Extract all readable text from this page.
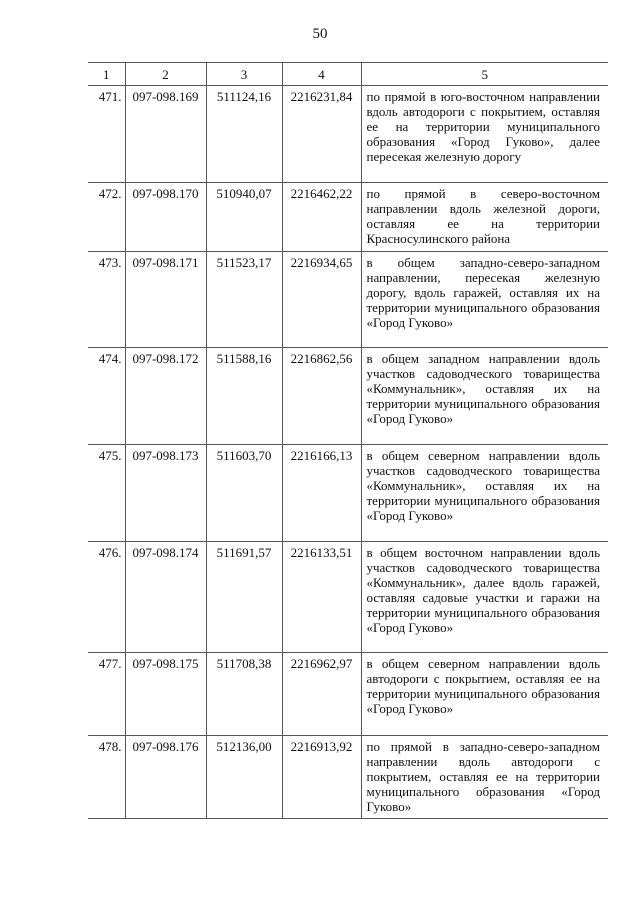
50
1	2	3	4	5
471.	097-098.169	511124,16	2216231,84	по прямой в юго-восточном направлении вдоль автодороги с покрытием, оставляя ее на территории муниципального образования «Город Гуково», далее пересекая железную дорогу
472.	097-098.170	510940,07	2216462,22	по прямой в северо-восточном направлении вдоль железной дороги, оставляя ее на территории Красносулинского района
473.	097-098.171	511523,17	2216934,65	в общем западно-северо-западном направлении, пересекая железную дорогу, вдоль гаражей, оставляя их на территории муниципального образования «Город Гуково»
474.	097-098.172	511588,16	2216862,56	в общем западном направлении вдоль участков садоводческого товарищества «Коммунальник», оставляя их на территории муниципального образования «Город Гуково»
475.	097-098.173	511603,70	2216166,13	в общем северном направлении вдоль участков садоводческого товарищества «Коммунальник», оставляя их на территории муниципального образования «Город Гуково»
476.	097-098.174	511691,57	2216133,51	в общем восточном направлении вдоль участков садоводческого товарищества «Коммунальник», далее вдоль гаражей, оставляя садовые участки и гаражи на территории муниципального образования «Город Гуково»
477.	097-098.175	511708,38	2216962,97	в общем северном направлении вдоль автодороги с покрытием, оставляя ее на территории муниципального образования «Город Гуково»
478.	097-098.176	512136,00	2216913,92	по прямой в западно-северо-западном направлении вдоль автодороги с покрытием, оставляя ее на территории муниципального образования «Город Гуково»
